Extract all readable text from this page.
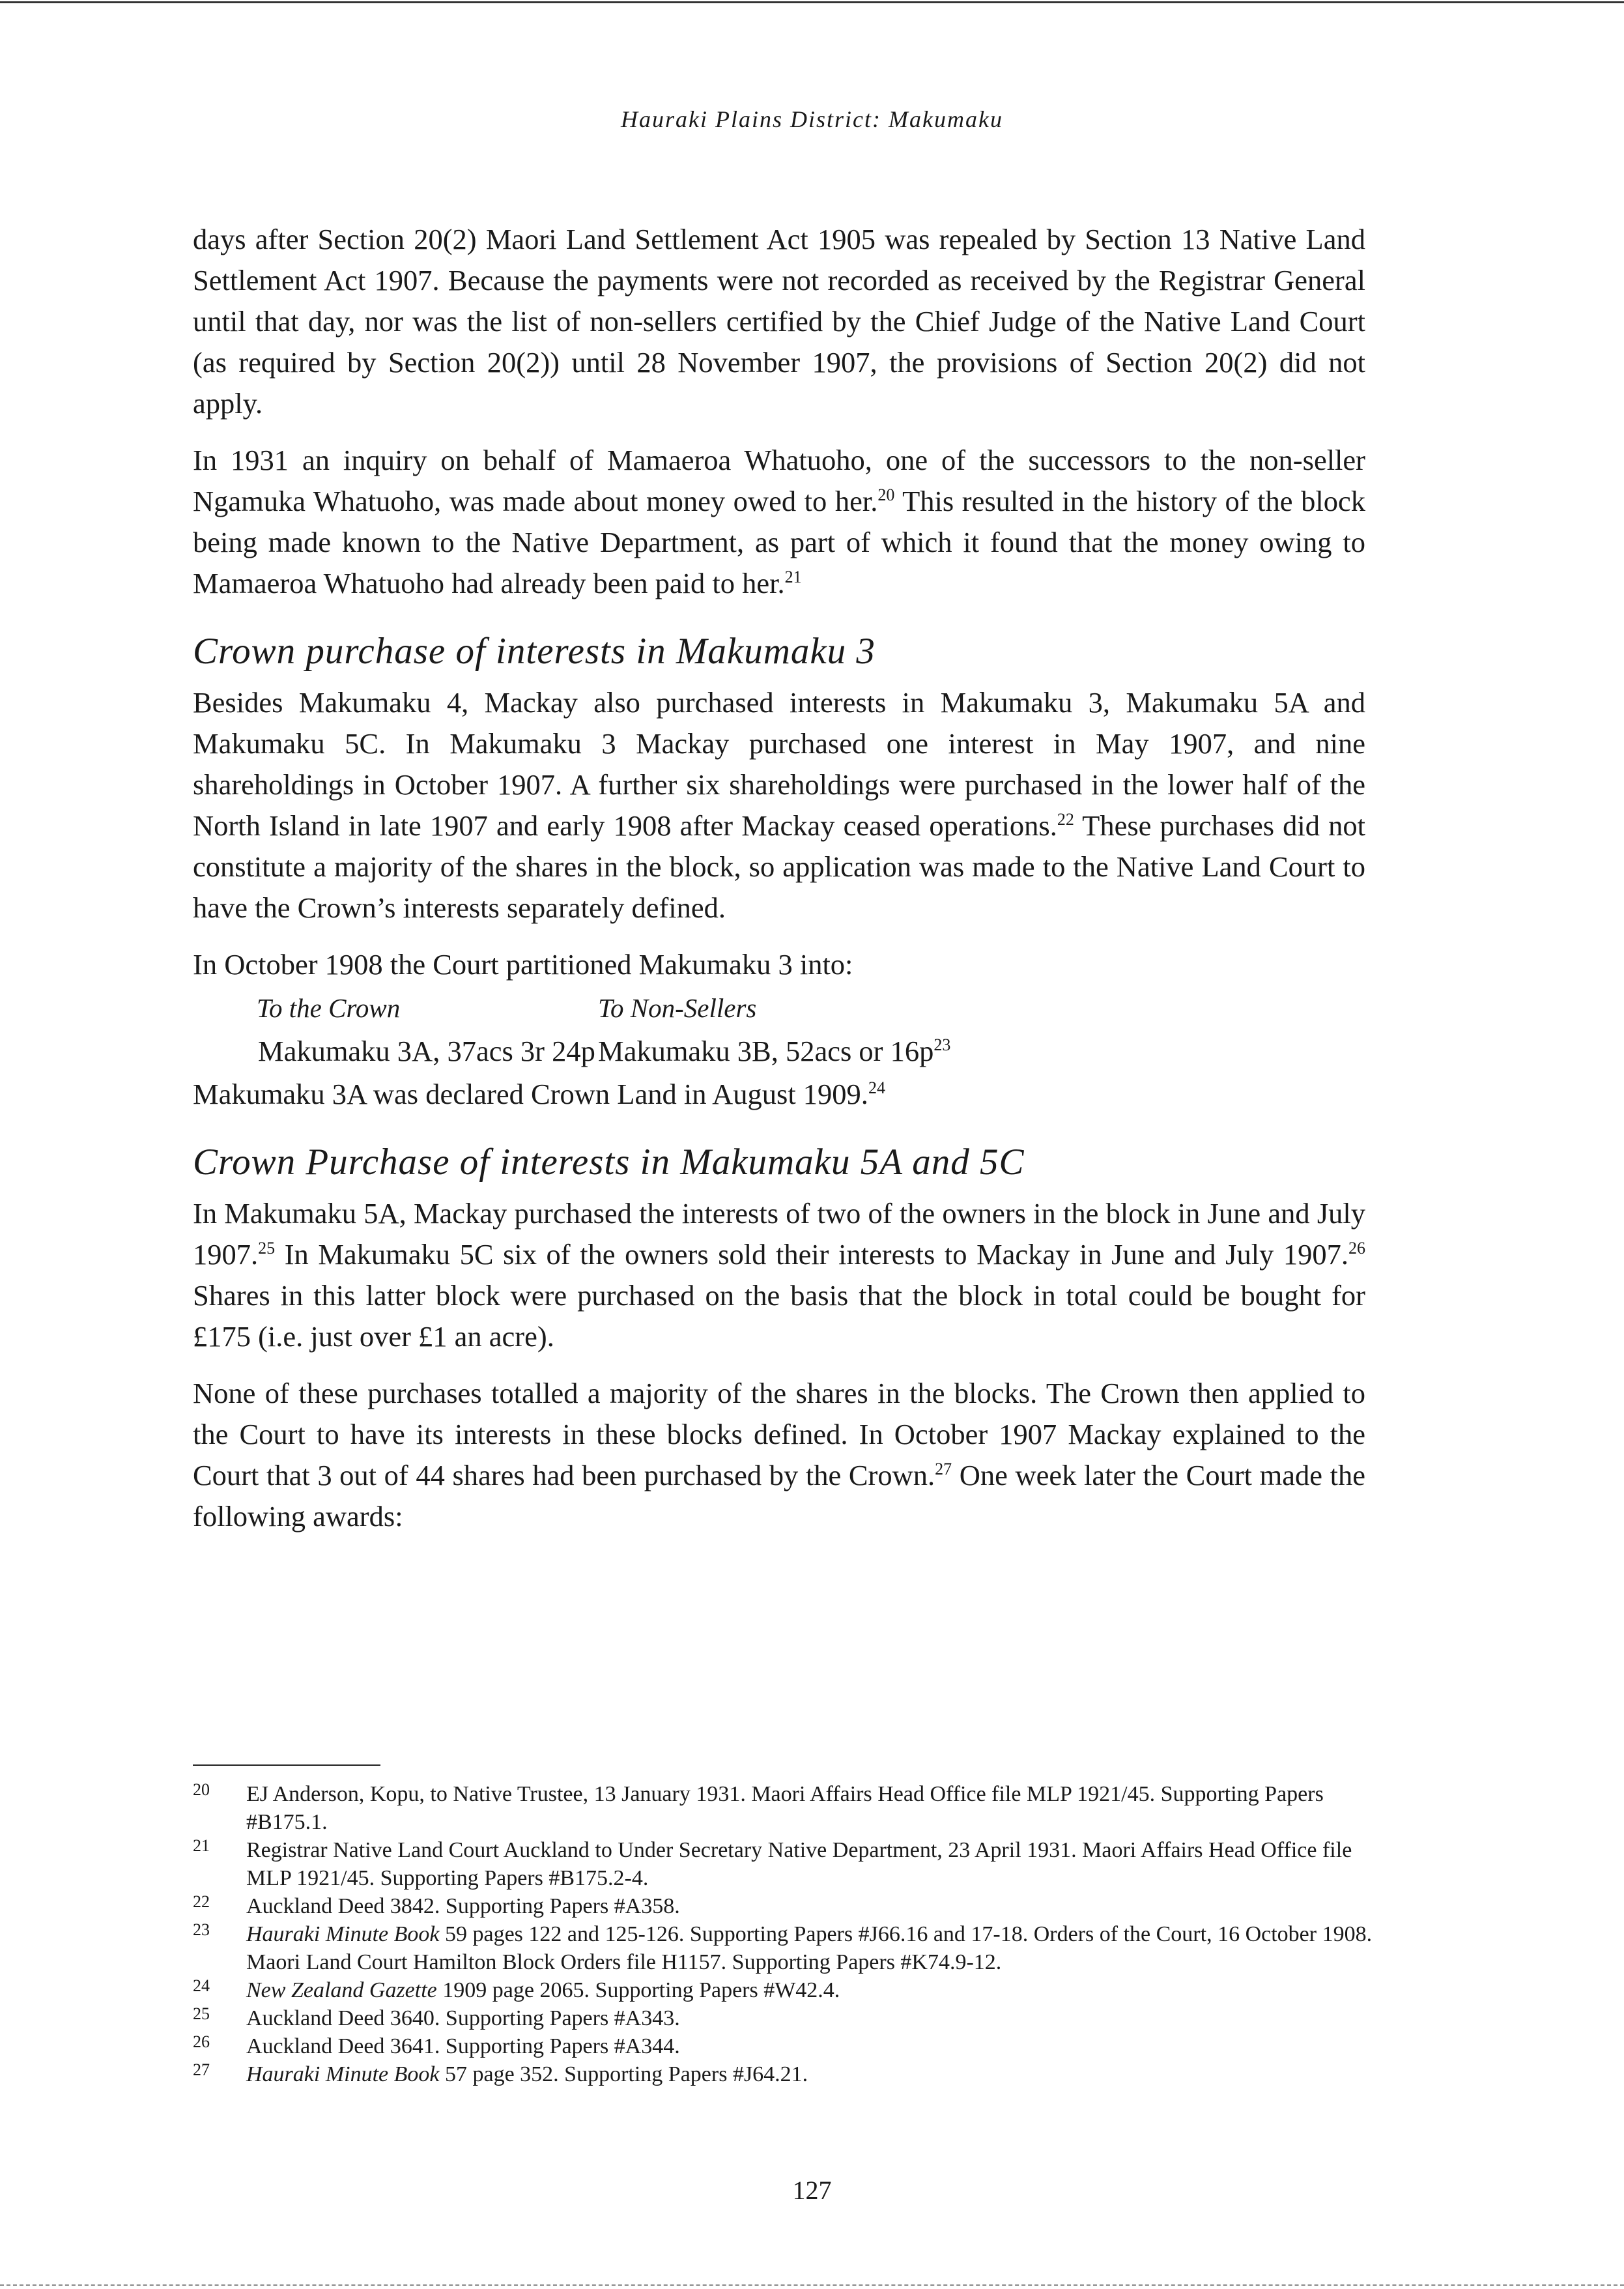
Hauraki Plains District: Makumaku

days after Section 20(2) Maori Land Settlement Act 1905 was repealed by Section 13 Native Land Settlement Act 1907. Because the payments were not recorded as received by the Registrar General until that day, nor was the list of non-sellers certified by the Chief Judge of the Native Land Court (as required by Section 20(2)) until 28 November 1907, the provisions of Section 20(2) did not apply.

In 1931 an inquiry on behalf of Mamaeroa Whatuoho, one of the successors to the non-seller Ngamuka Whatuoho, was made about money owed to her.$^{20}$ This resulted in the history of the block being made known to the Native Department, as part of which it found that the money owing to Mamaeroa Whatuoho had already been paid to her.$^{21}$

Crown purchase of interests in Makumaku 3

Besides Makumaku 4, Mackay also purchased interests in Makumaku 3, Makumaku 5A and Makumaku 5C. In Makumaku 3 Mackay purchased one interest in May 1907, and nine shareholdings in October 1907. A further six shareholdings were purchased in the lower half of the North Island in late 1907 and early 1908 after Mackay ceased operations.$^{22}$ These purchases did not constitute a majority of the shares in the block, so application was made to the Native Land Court to have the Crown’s interests separately defined.

In October 1908 the Court partitioned Makumaku 3 into:

To the Crown	To Non-Sellers
Makumaku 3A, 37acs 3r 24p Makumaku 3B, 52acs or $16p^{23}$

Makumaku 3A was declared Crown Land in August 1909.24

Crown Purchase of interests in Makumaku 5A and 5C

In Makumaku 5A, Mackay purchased the interests of two of the owners in the block in June and July 1907.25 In Makumaku 5C six of the owners sold their interests to Mackay in June and July 1907.26 Shares in this latter block were purchased on the basis that the block in total could be bought for £175 (i.e. just over £1 an acre).

None of these purchases totalled a majority of the shares in the blocks. The Crown then applied to the Court to have its interests in these blocks defined. In October 1907 Mackay explained to the Court that 3 out of 44 shares had been purchased by the Crown.$^{27}$ One week later the Court made the following awards:

20	EJ Anderson, Kopu, to Native Trustee, 13 January 1931. Maori Affairs Head Office file MLP 1921/45. Supporting Papers #B175.1.
21	Registrar Native Land Court Auckland to Under Secretary Native Department, 23 April 1931. Maori Affairs Head Office file MLP 1921/45. Supporting Papers #B175.2-4.
22	Auckland Deed 3842. Supporting Papers #A358.
23	Hauraki Minute Book 59 pages 122 and 125-126. Supporting Papers #J66.16 and 17-18. Orders of the Court, 16 October 1908. Maori Land Court Hamilton Block Orders file H1157. Supporting Papers #K74.9-12.
24	New Zealand Gazette 1909 page 2065. Supporting Papers #W42.4.
25	Auckland Deed 3640. Supporting Papers #A343.
26	Auckland Deed 3641. Supporting Papers #A344.
27	Hauraki Minute Book 57 page 352. Supporting Papers #J64.21.
127
